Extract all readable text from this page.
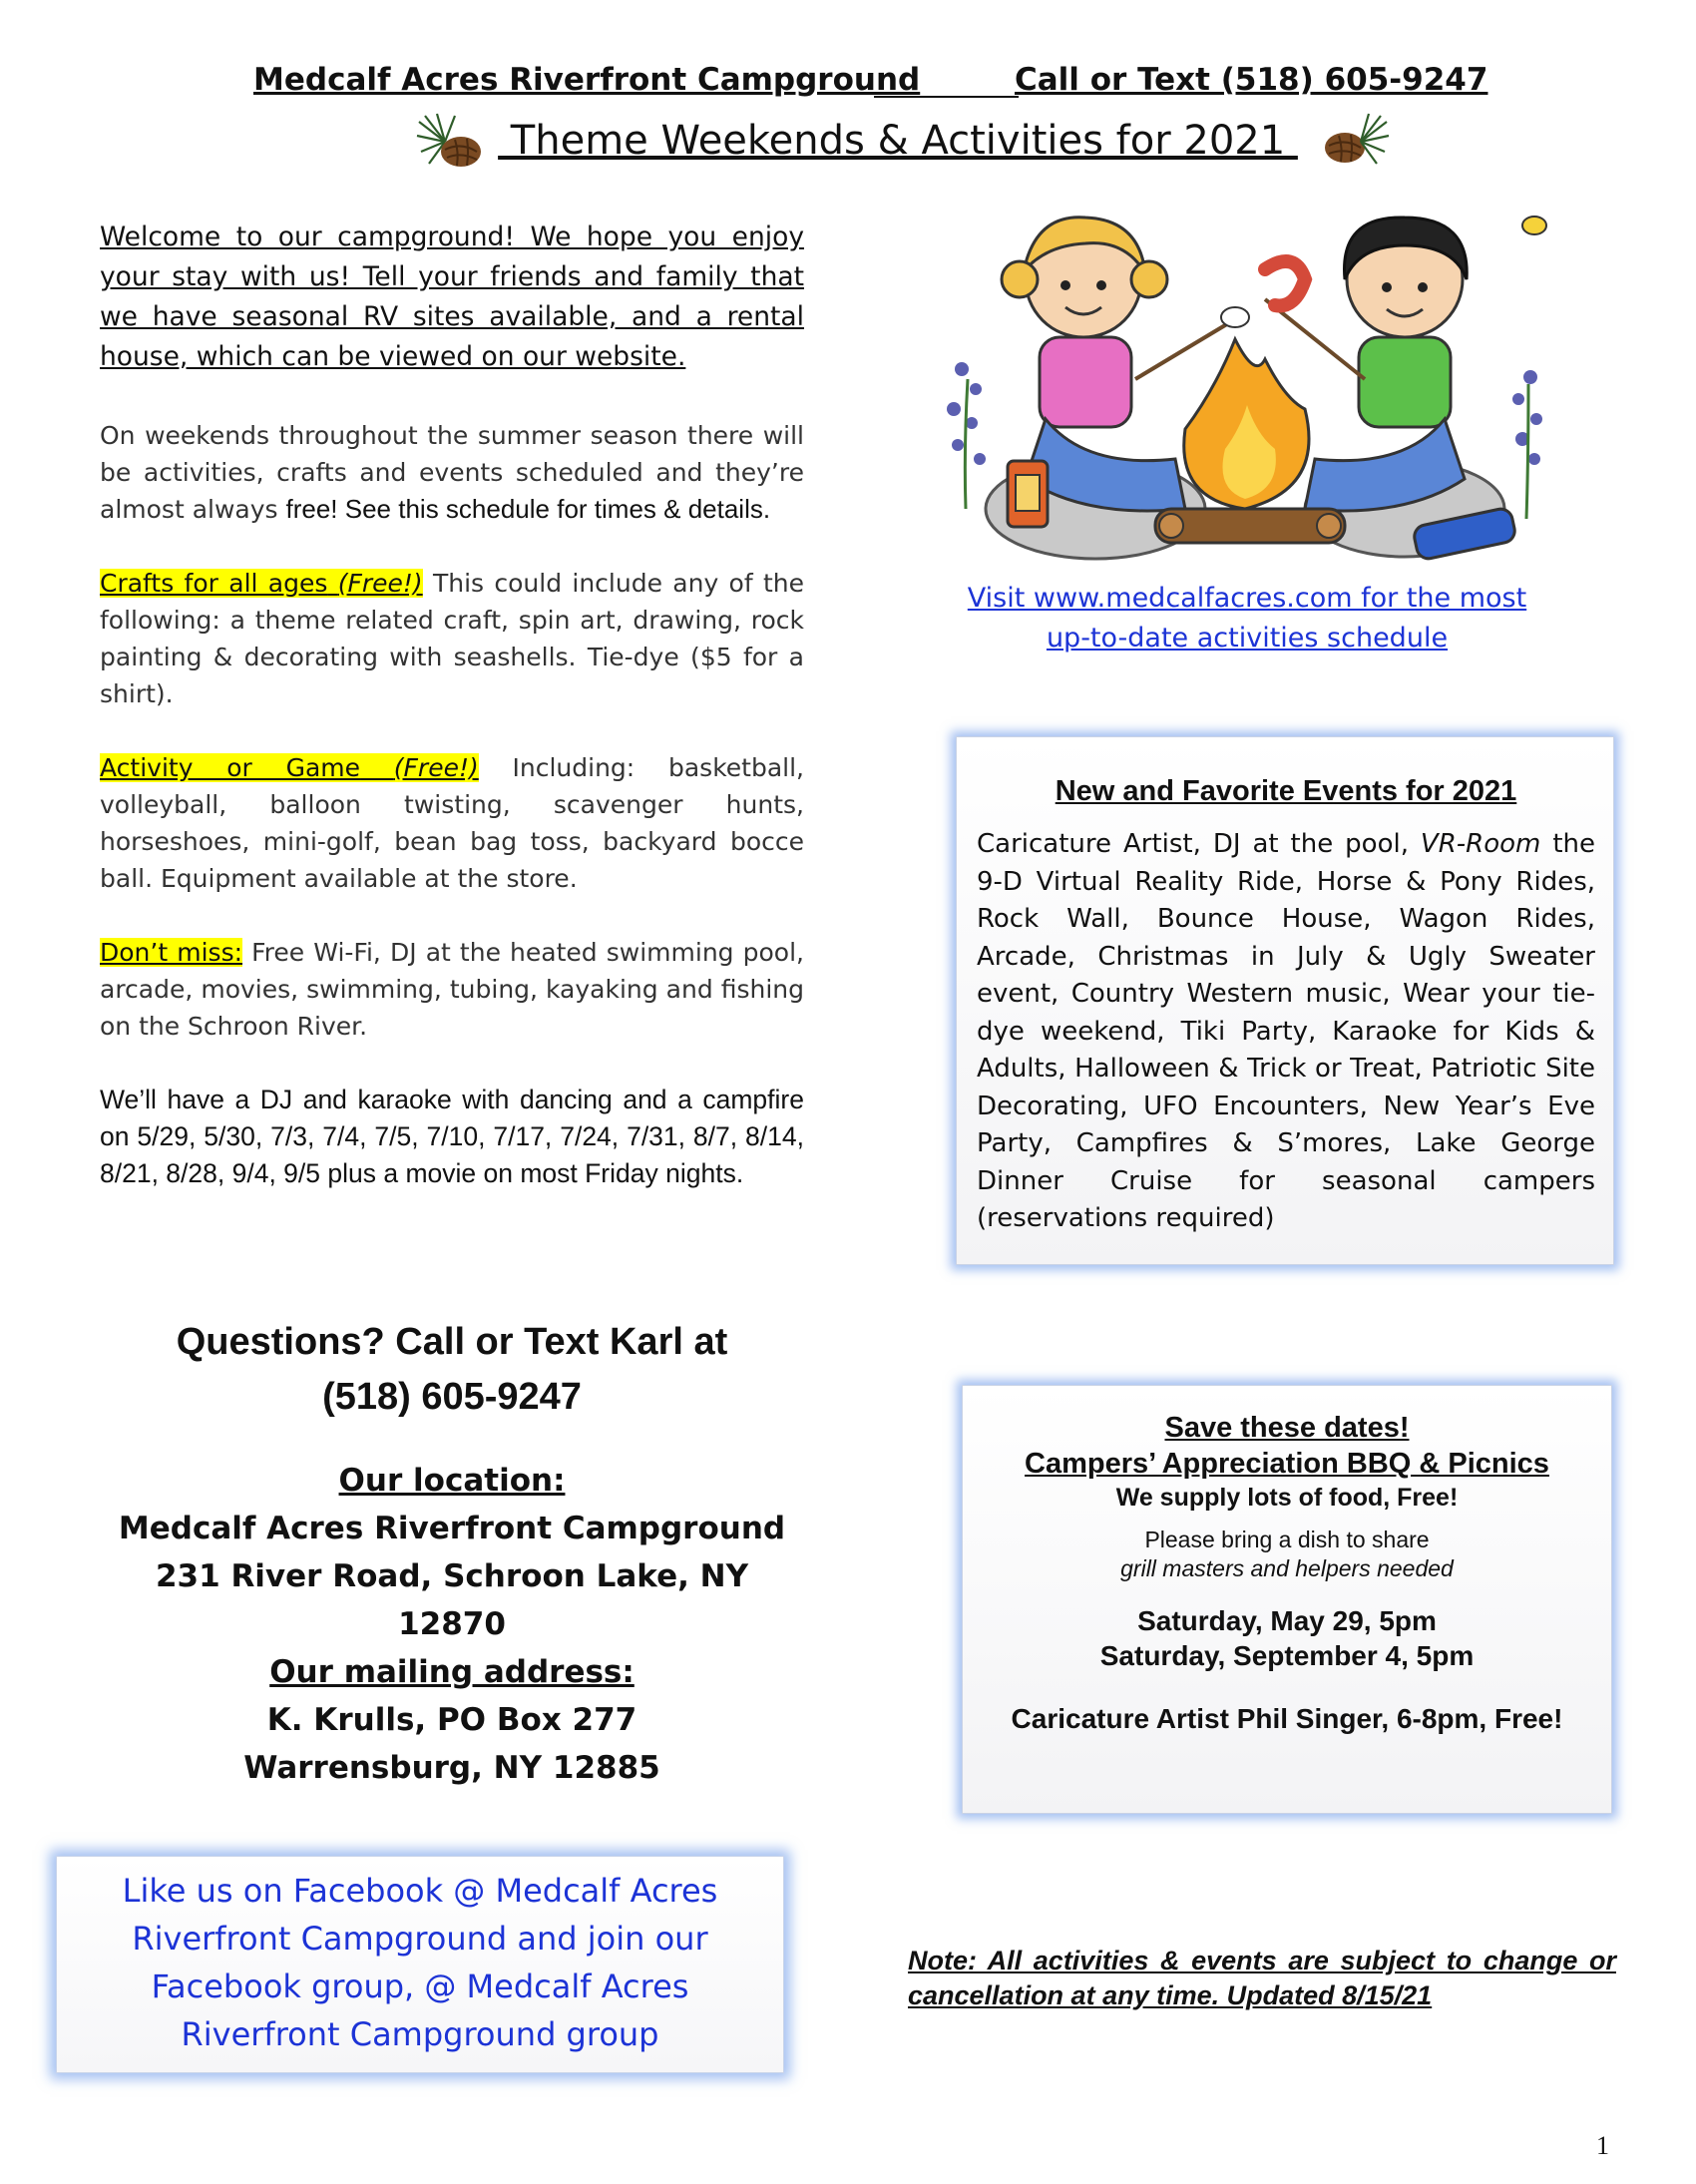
Medcalf Acres Riverfront Campground	Call or Text (518) 605-9247
Theme Weekends & Activities for 2021

Welcome to our campground! We hope you enjoy your stay with us! Tell your friends and family that we have seasonal RV sites available, and a rental house, which can be viewed on our website.

On weekends throughout the summer season there will be activities, crafts and events scheduled and they’re almost always free! See this schedule for times & details.

Crafts for all ages (Free!) This could include any of the following: a theme related craft, spin art, drawing, rock painting & decorating with seashells. Tie-dye ($5 for a shirt).

Activity or Game (Free!) Including: basketball, volleyball, balloon twisting, scavenger hunts, horseshoes, mini-golf, bean bag toss, backyard bocce ball. Equipment available at the store.

Don’t miss: Free Wi-Fi, DJ at the heated swimming pool, arcade, movies, swimming, tubing, kayaking and fishing on the Schroon River.

We’ll have a DJ and karaoke with dancing and a campfire on 5/29, 5/30, 7/3, 7/4, 7/5, 7/10, 7/17, 7/24, 7/31, 8/7, 8/14, 8/21, 8/28, 9/4, 9/5 plus a movie on most Friday nights.

Questions? Call or Text Karl at
(518) 605-9247
Our location:
Medcalf Acres Riverfront Campground
231 River Road, Schroon Lake, NY 12870
Our mailing address:
K. Krulls, PO Box 277
Warrensburg, NY 12885
Like us on Facebook @ Medcalf Acres
Riverfront Campground and join our
Facebook group, @ Medcalf Acres
Riverfront Campground group
Visit www.medcalfacres.com for the most
up-to-date activities schedule
New and Favorite Events for 2021
Caricature Artist, DJ at the pool, VR-Room the 9-D Virtual Reality Ride, Horse & Pony Rides, Rock Wall, Bounce House, Wagon Rides, Arcade, Christmas in July & Ugly Sweater event, Country Western music, Wear your tie-dye weekend, Tiki Party, Karaoke for Kids & Adults, Halloween & Trick or Treat, Patriotic Site Decorating, UFO Encounters, New Year’s Eve Party, Campfires & S’mores, Lake George Dinner Cruise for seasonal campers (reservations required)
Save these dates!
Campers’ Appreciation BBQ & Picnics
We supply lots of food, Free!
Please bring a dish to share
grill masters and helpers needed
Saturday, May 29, 5pm
Saturday, September 4, 5pm
Caricature Artist Phil Singer, 6-8pm, Free!
Note: All activities & events are subject to change or cancellation at any time. Updated 8/15/21
1
